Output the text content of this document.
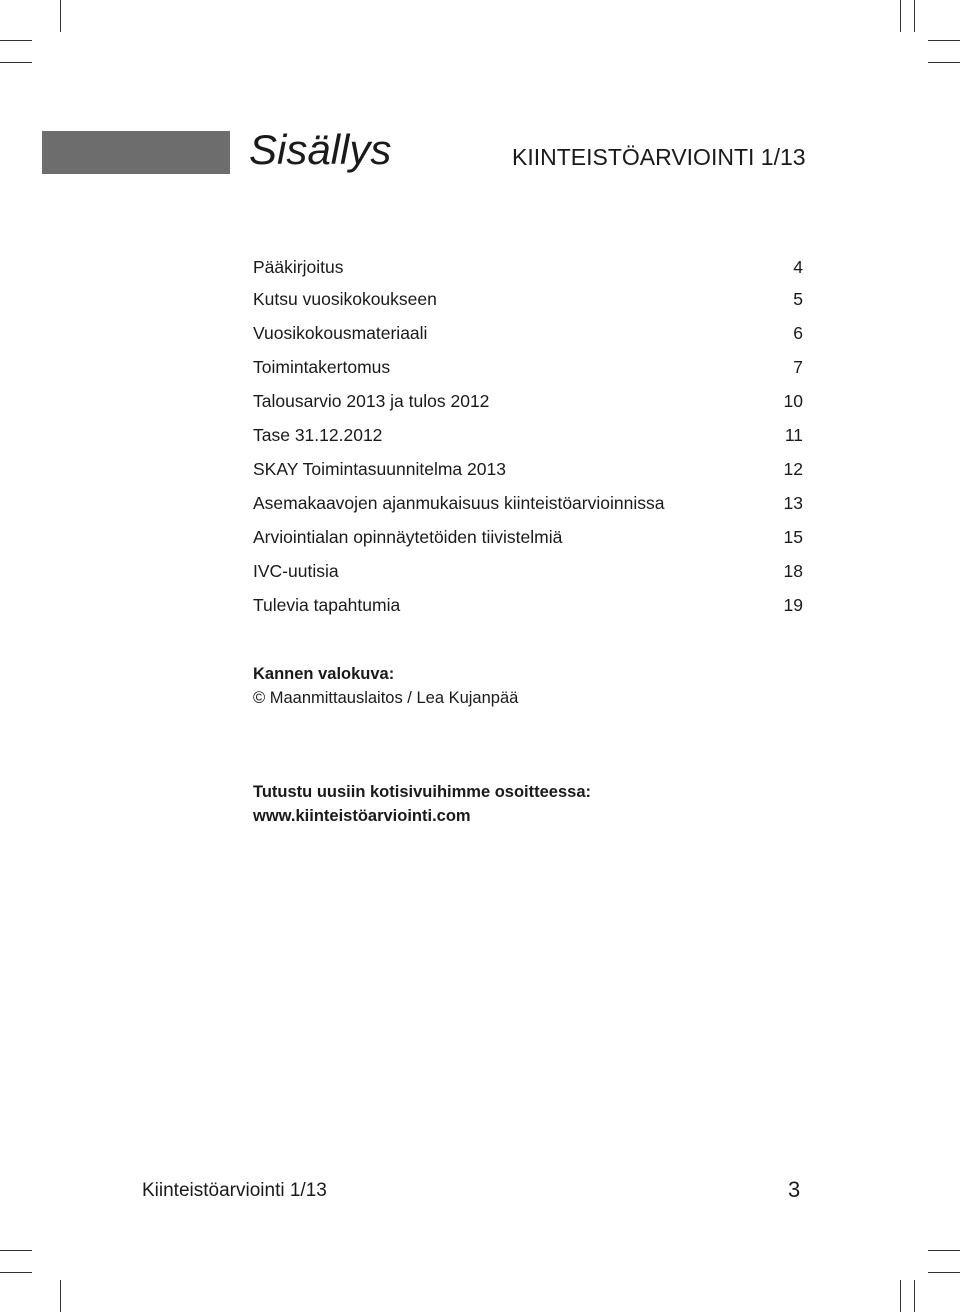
Sisällys	KIINTEISTÖARVIOINTI 1/13
Pääkirjoitus	4
Kutsu vuosikokoukseen	5
Vuosikokousmateriaali	6
Toimintakertomus	7
Talousarvio 2013 ja tulos 2012	10
Tase 31.12.2012	11
SKAY Toimintasuunnitelma 2013	12
Asemakaavojen ajanmukaisuus kiinteistöarvioinnissa	13
Arviointialan opinnäytetöiden tiivistelmiä	15
IVC-uutisia	18
Tulevia tapahtumia	19
Kannen valokuva:
© Maanmittauslaitos / Lea Kujanpää
Tutustu uusiin kotisivuihimme osoitteessa:
www.kiinteistöarviointi.com
Kiinteistöarviointi 1/13	3
